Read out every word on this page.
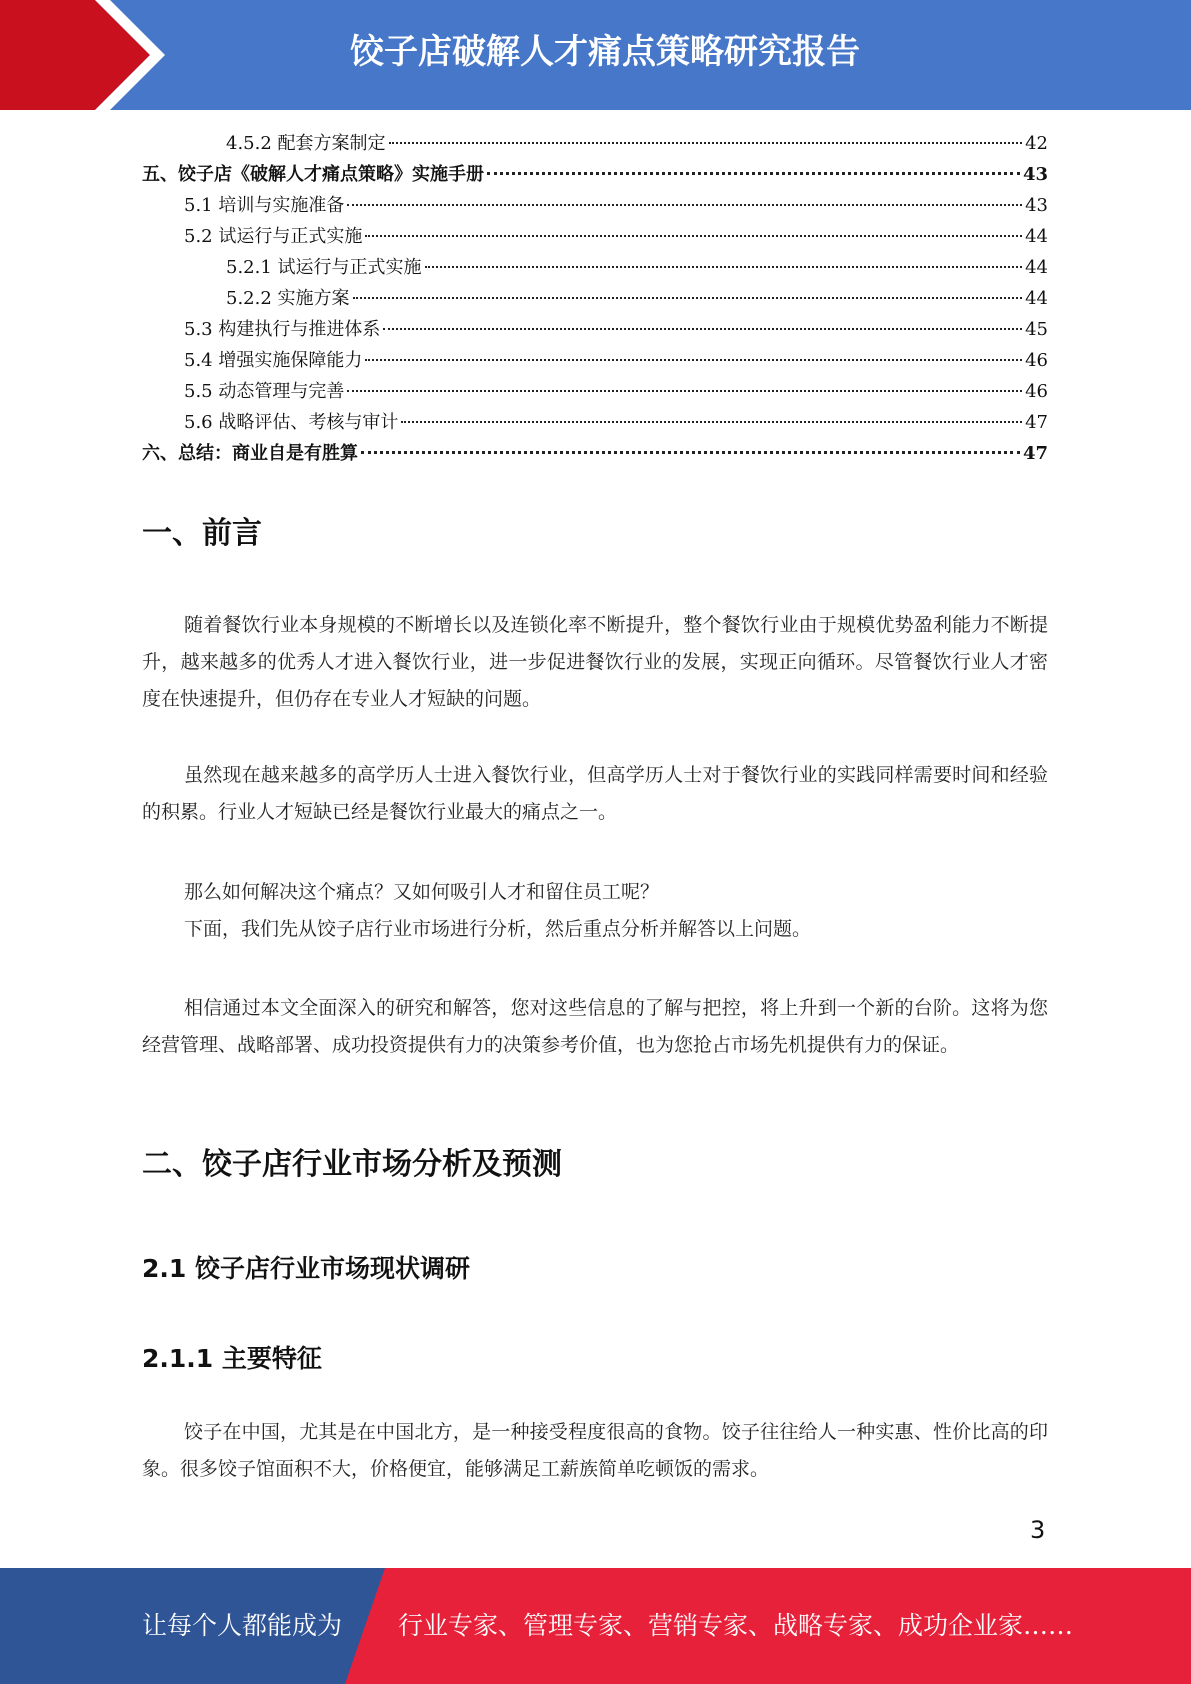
饺子店破解人才痛点策略研究报告
4.5.2 配套方案制定	42
五、饺子店《破解人才痛点策略》实施手册	43
5.1 培训与实施准备	43
5.2 试运行与正式实施	44
5.2.1 试运行与正式实施	44
5.2.2 实施方案	44
5.3 构建执行与推进体系	45
5.4 增强实施保障能力	46
5.5 动态管理与完善	46
5.6 战略评估、考核与审计	47
六、总结：商业自是有胜算	47
一、前言

随着餐饮行业本身规模的不断增长以及连锁化率不断提升，整个餐饮行业由于规模优势盈利能力不断提升，越来越多的优秀人才进入餐饮行业，进一步促进餐饮行业的发展，实现正向循环。尽管餐饮行业人才密度在快速提升，但仍存在专业人才短缺的问题。

虽然现在越来越多的高学历人士进入餐饮行业，但高学历人士对于餐饮行业的实践同样需要时间和经验的积累。行业人才短缺已经是餐饮行业最大的痛点之一。

那么如何解决这个痛点？又如何吸引人才和留住员工呢？

下面，我们先从饺子店行业市场进行分析，然后重点分析并解答以上问题。

相信通过本文全面深入的研究和解答，您对这些信息的了解与把控，将上升到一个新的台阶。这将为您经营管理、战略部署、成功投资提供有力的决策参考价值，也为您抢占市场先机提供有力的保证。

二、饺子店行业市场分析及预测
2.1 饺子店行业市场现状调研
2.1.1 主要特征

饺子在中国，尤其是在中国北方，是一种接受程度很高的食物。饺子往往给人一种实惠、性价比高的印象。很多饺子馆面积不大，价格便宜，能够满足工薪族简单吃顿饭的需求。

3
让每个人都能成为 行业专家、管理专家、营销专家、战略专家、成功企业家……
